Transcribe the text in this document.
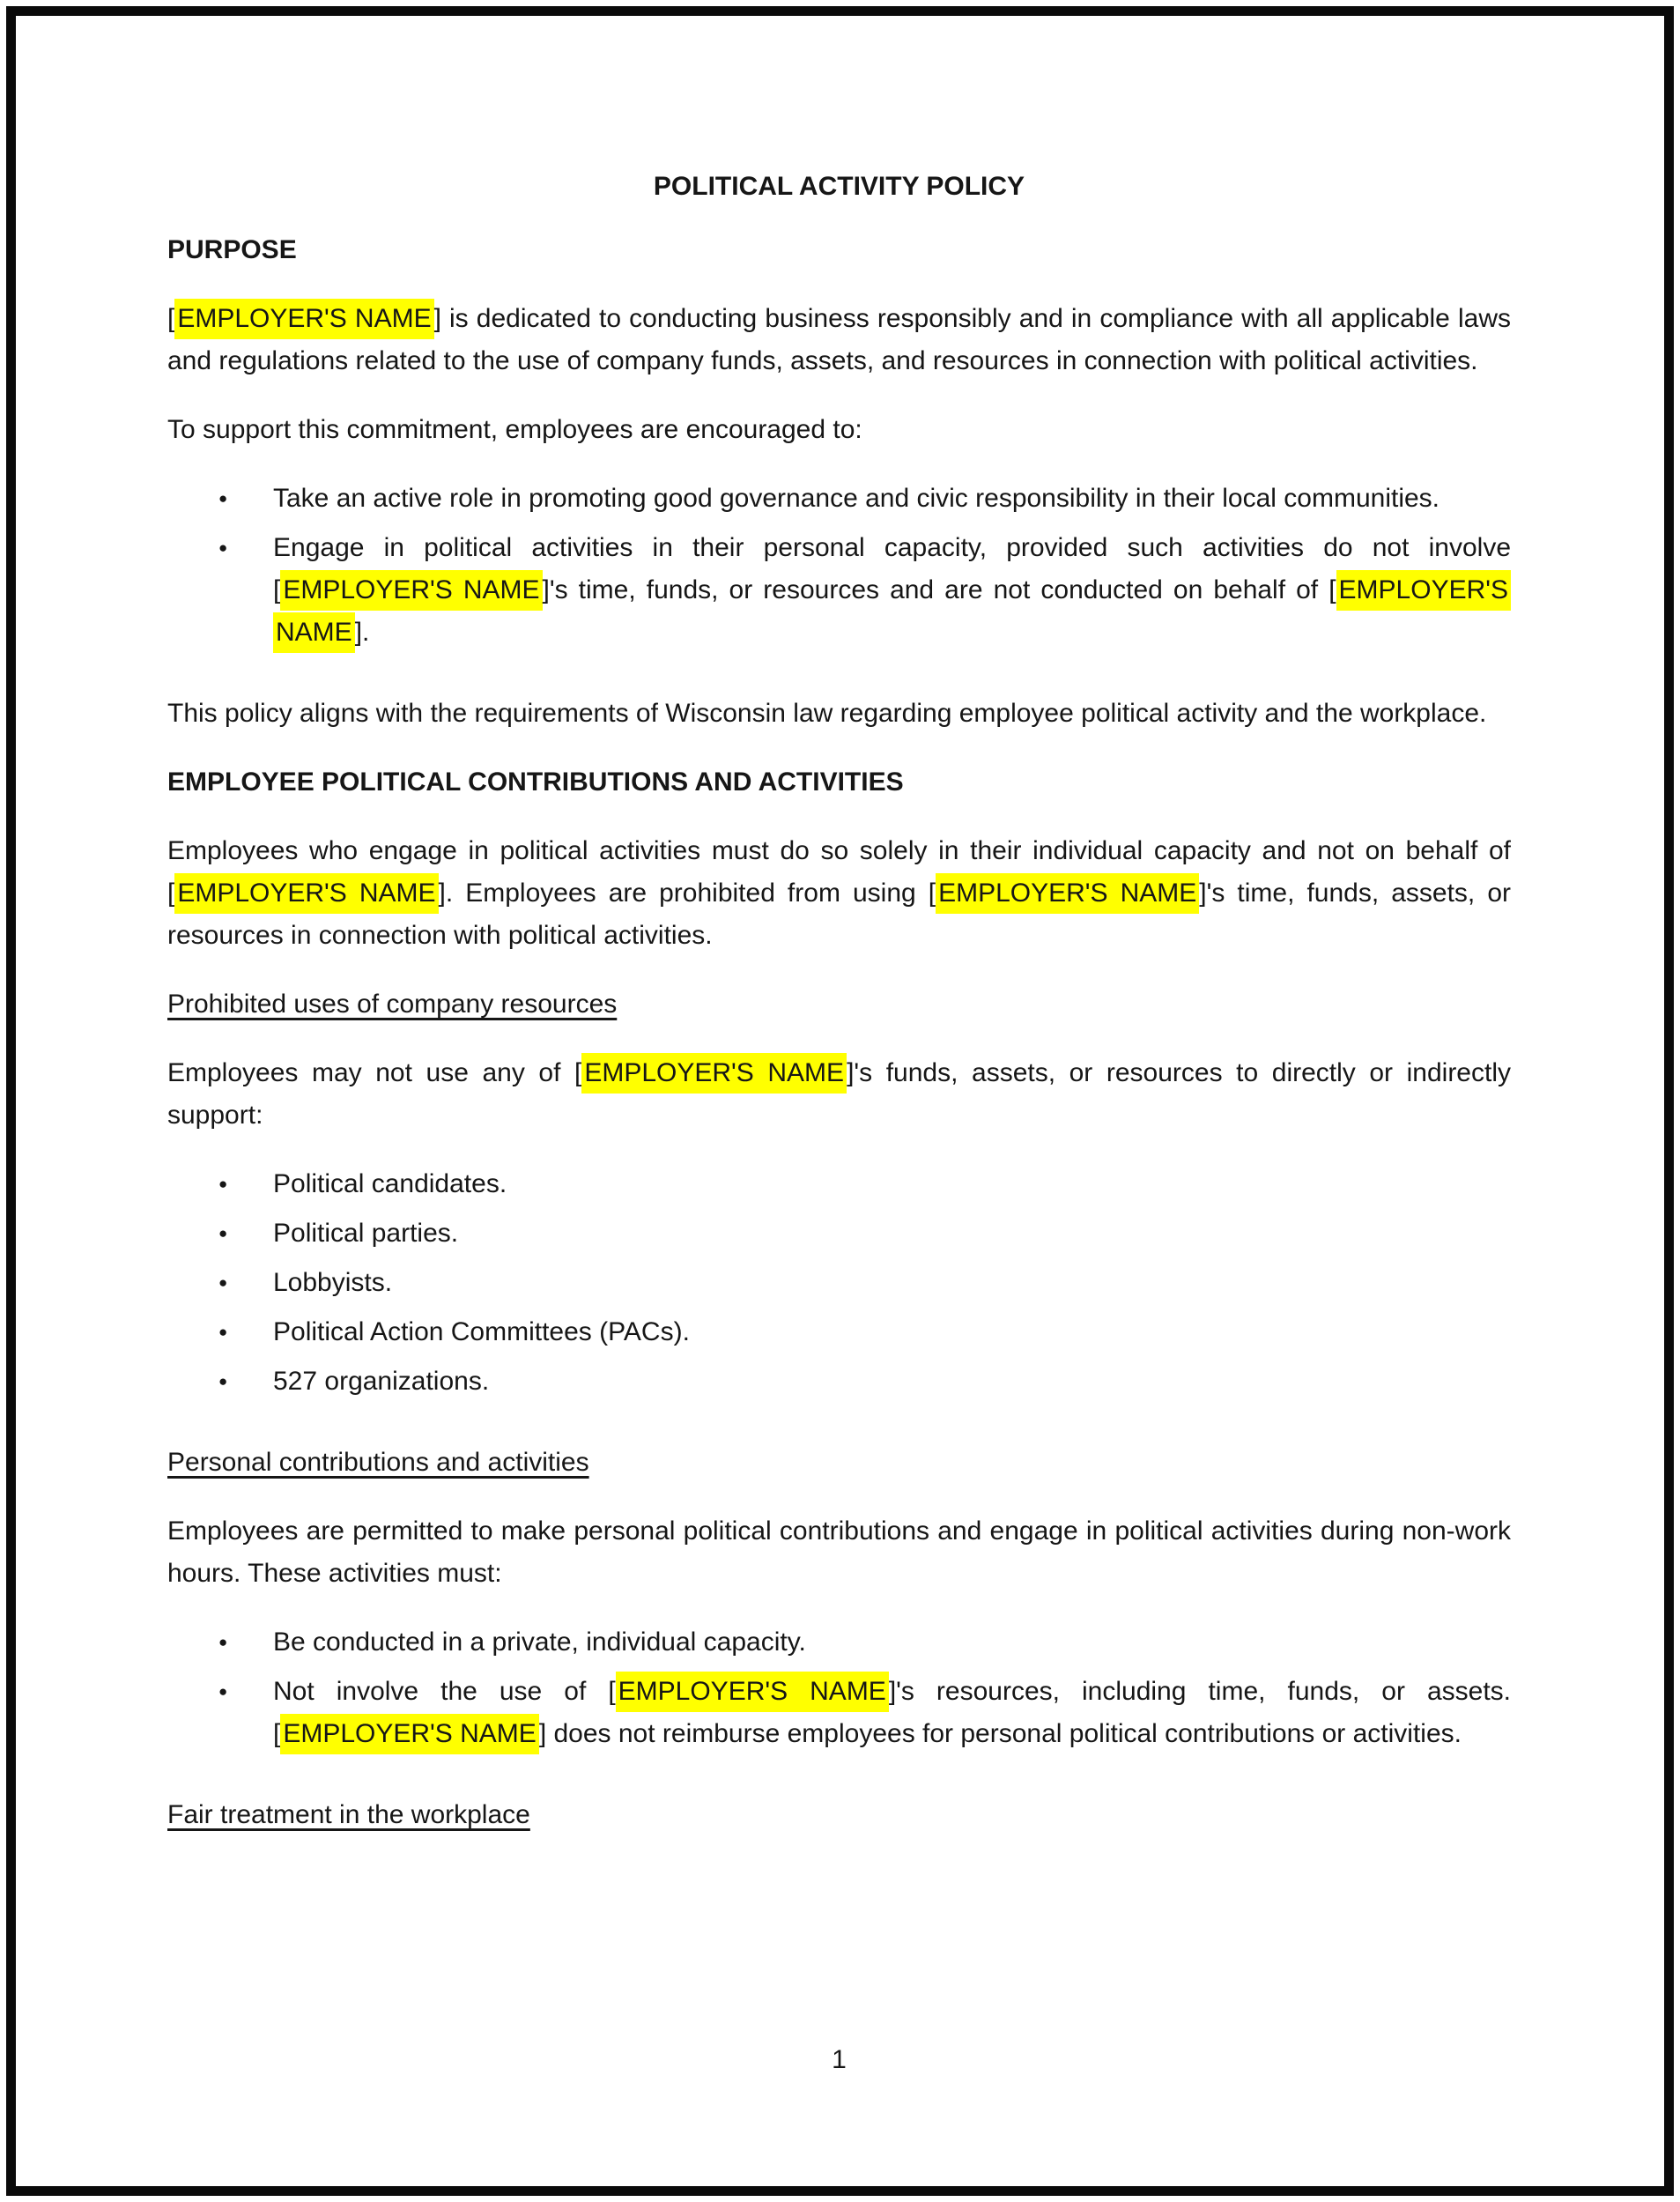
POLITICAL ACTIVITY POLICY
PURPOSE

[ EMPLOYER'S NAME ] is dedicated to conducting business responsibly and in compliance with all applicable laws and regulations related to the use of company funds, assets, and resources in connection with political activities.

To support this commitment, employees are encouraged to:

● Take an active role in promoting good governance and civic responsibility in their local communities.
● Engage in political activities in their personal capacity, provided such activities do not involve [ EMPLOYER'S NAME ]'s time, funds, or resources and are not conducted on behalf of [ EMPLOYER'S NAME ].

This policy aligns with the requirements of Wisconsin law regarding employee political activity and the workplace.

EMPLOYEE POLITICAL CONTRIBUTIONS AND ACTIVITIES

Employees who engage in political activities must do so solely in their individual capacity and not on behalf of [ EMPLOYER'S NAME ]. Employees are prohibited from using [ EMPLOYER'S NAME ]'s time, funds, assets, or resources in connection with political activities.

Prohibited uses of company resources

Employees may not use any of [ EMPLOYER'S NAME ]'s funds, assets, or resources to directly or indirectly support:

● Political candidates.
● Political parties.
● Lobbyists.
● Political Action Committees (PACs).
● 527 organizations.
Personal contributions and activities

Employees are permitted to make personal political contributions and engage in political activities during non-work hours. These activities must:

● Be conducted in a private, individual capacity.
● Not involve the use of [ EMPLOYER'S NAME ]'s resources, including time, funds, or assets. [ EMPLOYER'S NAME ] does not reimburse employees for personal political contributions or activities.
Fair treatment in the workplace
1
